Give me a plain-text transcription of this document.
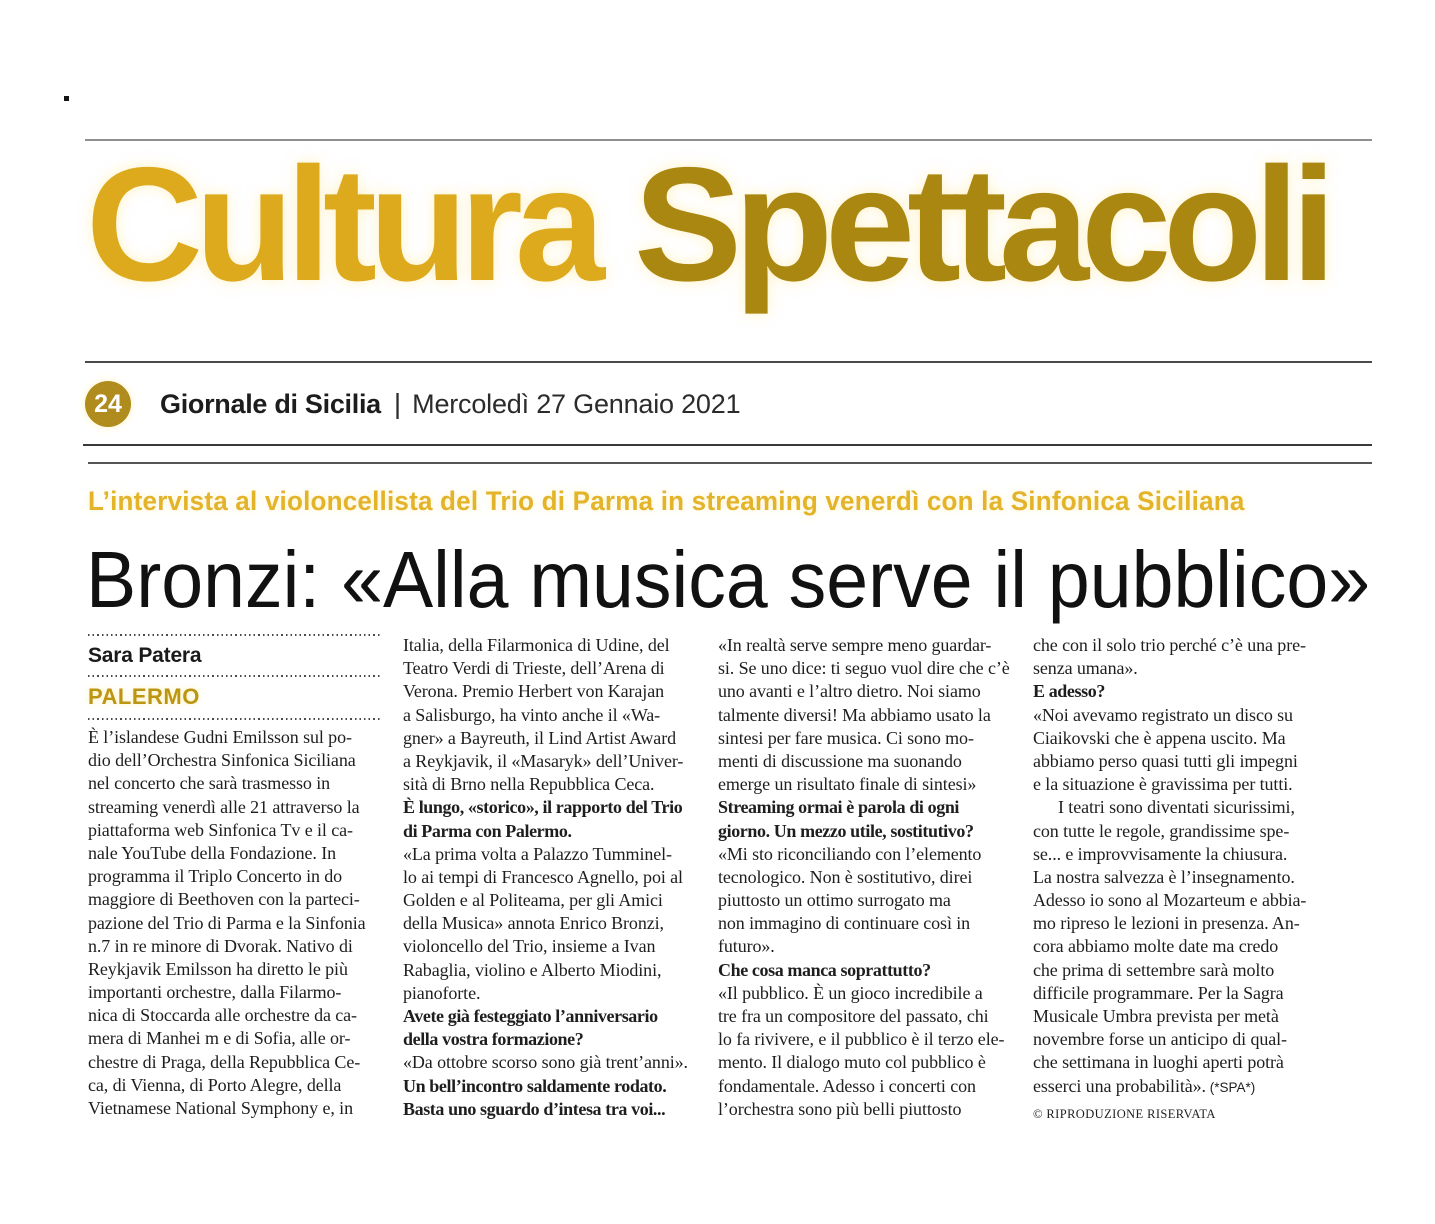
Cultura Spettacoli
24	Giornale di Sicilia | Mercoledì 27 Gennaio 2021
L’intervista al violoncellista del Trio di Parma in streaming venerdì con la Sinfonica Siciliana
Bronzi: «Alla musica serve il pubblico»
Sara Patera
PALERMO
È l’islandese Gudni Emilsson sul po-
dio dell’Orchestra Sinfonica Siciliana
nel concerto che sarà trasmesso in
streaming venerdì alle 21 attraverso la
piattaforma web Sinfonica Tv e il ca-
nale YouTube della Fondazione. In
programma il Triplo Concerto in do
maggiore di Beethoven con la parteci-
pazione del Trio di Parma e la Sinfonia
n.7 in re minore di Dvorak. Nativo di
Reykjavik Emilsson ha diretto le più
importanti orchestre, dalla Filarmo-
nica di Stoccarda alle orchestre da ca-
mera di Manhei m e di Sofia, alle or-
chestre di Praga, della Repubblica Ce-
ca, di Vienna, di Porto Alegre, della
Vietnamese National Symphony e, in
Italia, della Filarmonica di Udine, del
Teatro Verdi di Trieste, dell’Arena di
Verona. Premio Herbert von Karajan
a Salisburgo, ha vinto anche il «Wa-
gner» a Bayreuth, il Lind Artist Award
a Reykjavik, il «Masaryk» dell’Univer-
sità di Brno nella Repubblica Ceca.
È lungo, «storico», il rapporto del Trio
di Parma con Palermo.
«La prima volta a Palazzo Tumminel-
lo ai tempi di Francesco Agnello, poi al
Golden e al Politeama, per gli Amici
della Musica» annota Enrico Bronzi,
violoncello del Trio, insieme a Ivan
Rabaglia, violino e Alberto Miodini,
pianoforte.
Avete già festeggiato l’anniversario
della vostra formazione?
«Da ottobre scorso sono già trent’anni».
Un bell’incontro saldamente rodato.
Basta uno sguardo d’intesa tra voi...
«In realtà serve sempre meno guardar-
si. Se uno dice: ti seguo vuol dire che c’è
uno avanti e l’altro dietro. Noi siamo
talmente diversi! Ma abbiamo usato la
sintesi per fare musica. Ci sono mo-
menti di discussione ma suonando
emerge un risultato finale di sintesi»
Streaming ormai è parola di ogni
giorno. Un mezzo utile, sostitutivo?
«Mi sto riconciliando con l’elemento
tecnologico. Non è sostitutivo, direi
piuttosto un ottimo surrogato ma
non immagino di continuare così in
futuro».
Che cosa manca soprattutto?
«Il pubblico. È un gioco incredibile a
tre fra un compositore del passato, chi
lo fa rivivere, e il pubblico è il terzo ele-
mento. Il dialogo muto col pubblico è
fondamentale. Adesso i concerti con
l’orchestra sono più belli piuttosto
che con il solo trio perché c’è una pre-
senza umana».
E adesso?
«Noi avevamo registrato un disco su
Ciaikovski che è appena uscito. Ma
abbiamo perso quasi tutti gli impegni
e la situazione è gravissima per tutti.
I teatri sono diventati sicurissimi,
con tutte le regole, grandissime spe-
se... e improvvisamente la chiusura.
La nostra salvezza è l’insegnamento.
Adesso io sono al Mozarteum e abbia-
mo ripreso le lezioni in presenza. An-
cora abbiamo molte date ma credo
che prima di settembre sarà molto
difficile programmare. Per la Sagra
Musicale Umbra prevista per metà
novembre forse un anticipo di qual-
che settimana in luoghi aperti potrà
esserci una probabilità». (*SPA*)
© RIPRODUZIONE RISERVATA
